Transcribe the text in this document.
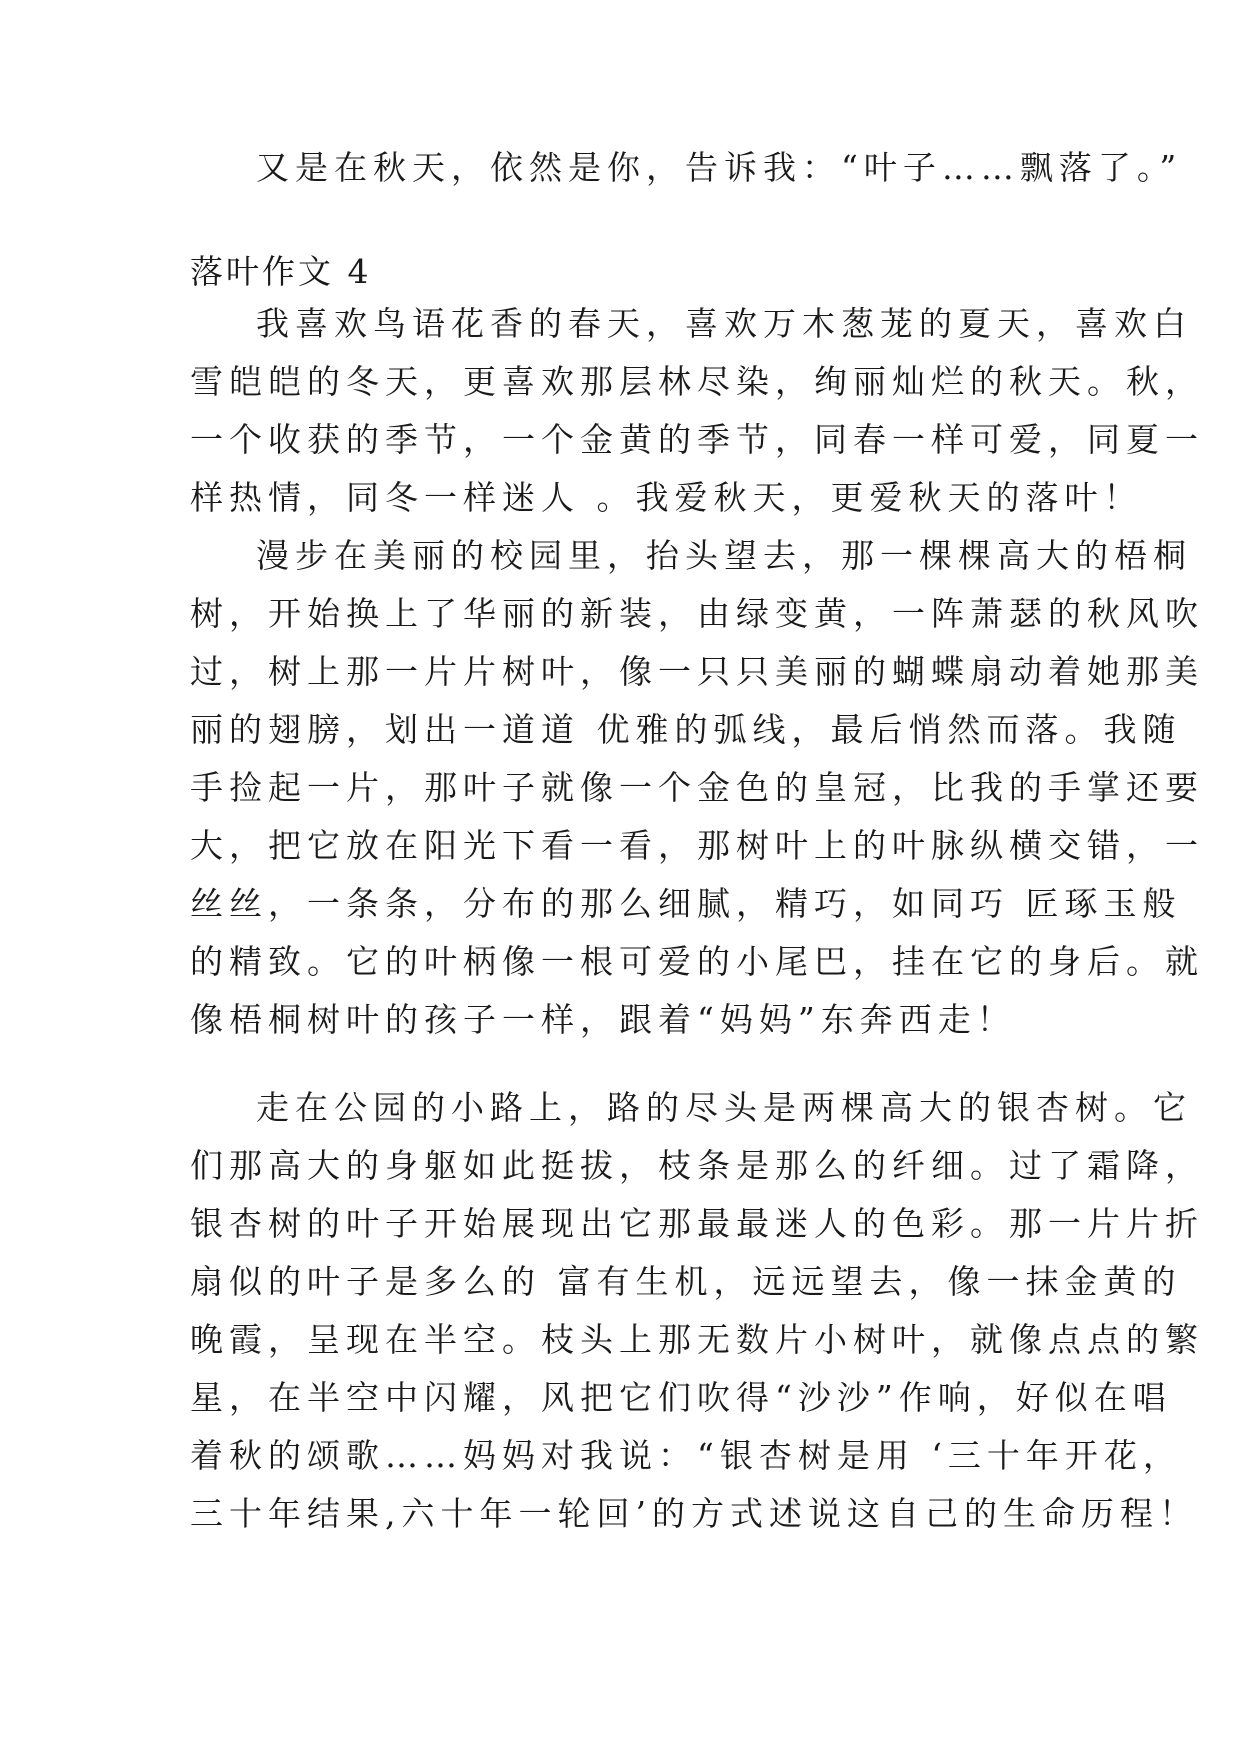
又是在秋天，依然是你，告诉我：“叶子……飘落了。”
落叶作文 4
我喜欢鸟语花香的春天，喜欢万木葱茏的夏天，喜欢白
雪皑皑的冬天，更喜欢那层林尽染，绚丽灿烂的秋天。秋，
一个收获的季节，一个金黄的季节，同春一样可爱，同夏一
样热情，同冬一样迷人 。我爱秋天，更爱秋天的落叶！
漫步在美丽的校园里，抬头望去，那一棵棵高大的梧桐
树，开始换上了华丽的新装，由绿变黄，一阵萧瑟的秋风吹
过，树上那一片片树叶，像一只只美丽的蝴蝶扇动着她那美
丽的翅膀，划出一道道 优雅的弧线，最后悄然而落。我随
手捡起一片，那叶子就像一个金色的皇冠，比我的手掌还要
大，把它放在阳光下看一看，那树叶上的叶脉纵横交错，一
丝丝，一条条，分布的那么细腻，精巧，如同巧 匠琢玉般
的精致。它的叶柄像一根可爱的小尾巴，挂在它的身后。就
像梧桐树叶的孩子一样，跟着“妈妈”东奔西走！
走在公园的小路上，路的尽头是两棵高大的银杏树。它
们那高大的身躯如此挺拔，枝条是那么的纤细。过了霜降，
银杏树的叶子开始展现出它那最最迷人的色彩。那一片片折
扇似的叶子是多么的 富有生机，远远望去，像一抹金黄的
晚霞，呈现在半空。枝头上那无数片小树叶，就像点点的繁
星，在半空中闪耀，风把它们吹得“沙沙”作响，好似在唱
着秋的颂歌……妈妈对我说：“银杏树是用 ‘三十年开花，
三十年结果,六十年一轮回’的方式述说这自己的生命历程！
